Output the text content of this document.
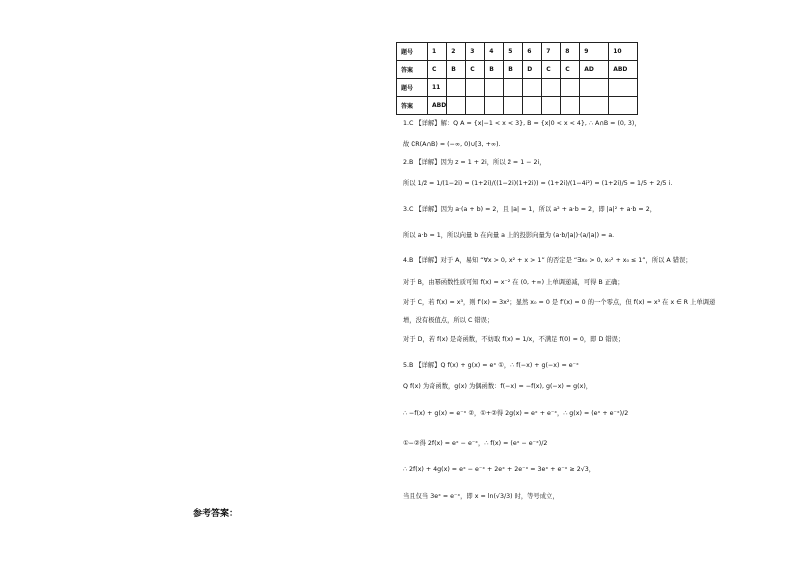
题号	1	2	3	4	5	6	7	8	9	10
答案	C	B	C	B	B	D	C	C	AD	ABD
题号	11									
答案	ABD									
1.C 【详解】解：Q A = {x|−1 < x < 3}, B = {x|0 < x < 4}, ∴ A∩B = (0, 3)，
故 ∁R(A∩B) = (−∞, 0)∪[3, +∞).
2.B 【详解】因为 z = 1 + 2i，所以 z̄ = 1 − 2i，
所以 1/z̄ = 1/(1−2i) = (1+2i)/((1−2i)(1+2i)) = (1+2i)/(1−4i²) = (1+2i)/5 = 1/5 + 2/5 i.
3.C 【详解】因为 a·(a + b) = 2，且 |a| = 1，所以 a² + a·b = 2，即 |a|² + a·b = 2，
所以 a·b = 1，所以向量 b 在向量 a 上的投影向量为 (a·b/|a|)·(a/|a|) = a.
4.B 【详解】对于 A，易知 “∀x > 0, x² + x > 1” 的否定是 “∃x₀ > 0, x₀² + x₀ ≤ 1”，所以 A 错误；
对于 B，由幂函数性质可知 f(x) = x⁻² 在 (0, +∞) 上单调递减，可得 B 正确；
对于 C，若 f(x) = x³，则 f′(x) = 3x²；显然 x₀ = 0 是 f′(x) = 0 的一个零点，但 f(x) = x³ 在 x ∈ R 上单调递
增，没有极值点，所以 C 错误；
对于 D，若 f(x) 是奇函数，不妨取 f(x) = 1/x，不满足 f(0) = 0，即 D 错误；
5.B 【详解】Q f(x) + g(x) = eˣ ①，∴ f(−x) + g(−x) = e⁻ˣ
Q f(x) 为奇函数，g(x) 为偶函数：f(−x) = −f(x), g(−x) = g(x)，
∴ −f(x) + g(x) = e⁻ˣ ②，①+②得 2g(x) = eˣ + e⁻ˣ，∴ g(x) = (eˣ + e⁻ˣ)/2
①−②得 2f(x) = eˣ − e⁻ˣ，∴ f(x) = (eˣ − e⁻ˣ)/2
∴ 2f(x) + 4g(x) = eˣ − e⁻ˣ + 2eˣ + 2e⁻ˣ = 3eˣ + e⁻ˣ ≥ 2√3，
当且仅当 3eˣ = e⁻ˣ，即 x = ln(√3/3) 时，等号成立，
参考答案：
